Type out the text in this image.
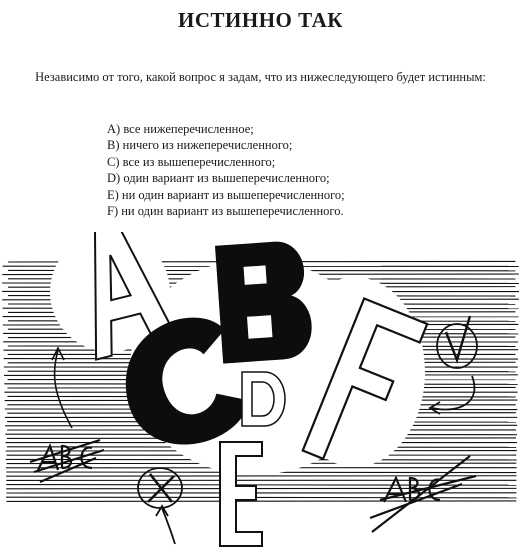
ИСТИННО ТАК
Независимо от того, какой вопрос я задам, что из нижеследующего будет истинным:
A) все нижеперечисленное;
B) ничего из нижеперечисленного;
C) все из вышеперечисленного;
D) один вариант из вышеперечисленного;
E) ни один вариант из вышеперечисленного;
F) ни один вариант из вышеперечисленного.
